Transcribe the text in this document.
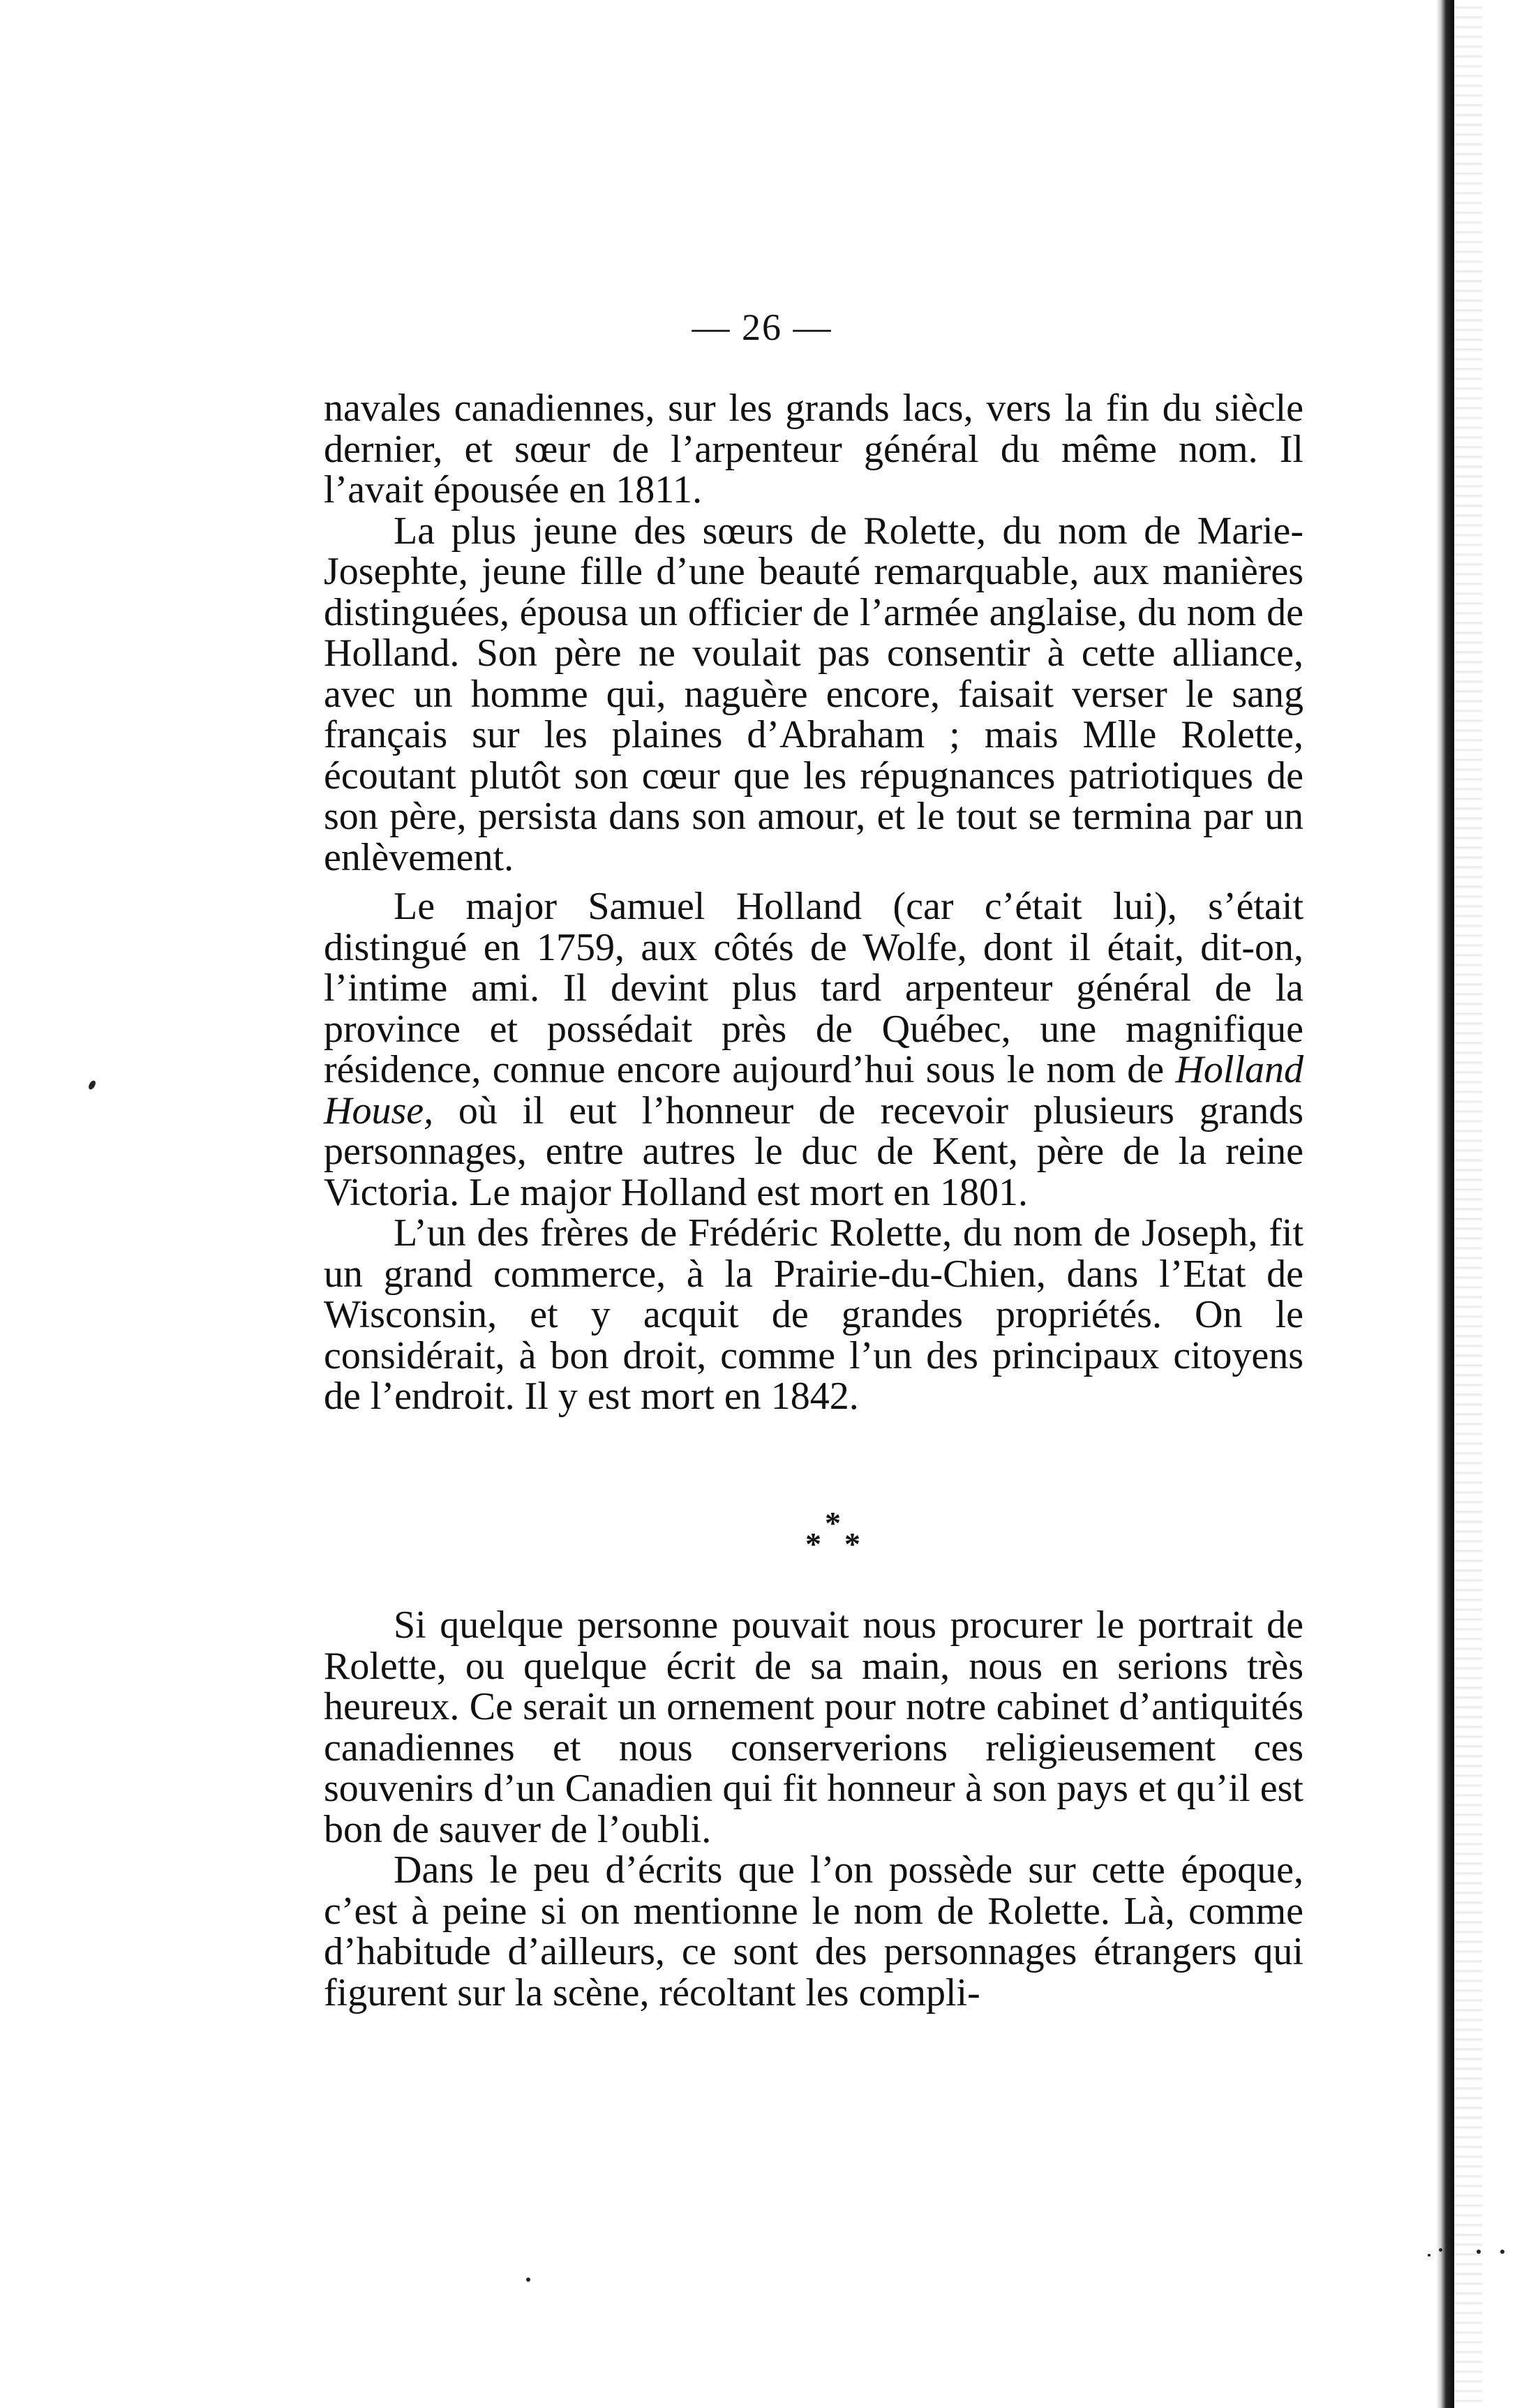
— 26 —

navales canadiennes, sur les grands lacs, vers la fin du siècle dernier, et sœur de l’arpenteur général du même nom. Il l’avait épousée en 1811.

La plus jeune des sœurs de Rolette, du nom de Marie-Josephte, jeune fille d’une beauté remarquable, aux manières distinguées, épousa un officier de l’armée anglaise, du nom de Holland. Son père ne voulait pas consentir à cette alliance, avec un homme qui, naguère encore, faisait verser le sang français sur les plaines d’Abraham ; mais Mlle Rolette, écoutant plutôt son cœur que les répugnances patriotiques de son père, persista dans son amour, et le tout se termina par un enlèvement.

Le major Samuel Holland (car c’était lui), s’était distingué en 1759, aux côtés de Wolfe, dont il était, dit-on, l’intime ami. Il devint plus tard arpenteur général de la province et possédait près de Québec, une magnifique résidence, connue encore aujourd’hui sous le nom de Holland House, où il eut l’honneur de recevoir plusieurs grands personnages, entre autres le duc de Kent, père de la reine Victoria. Le major Holland est mort en 1801.

L’un des frères de Frédéric Rolette, du nom de Joseph, fit un grand commerce, à la Prairie-du-Chien, dans l’Etat de Wisconsin, et y acquit de grandes propriétés. On le considérait, à bon droit, comme l’un des principaux citoyens de l’endroit. Il y est mort en 1842.

*
* *

Si quelque personne pouvait nous procurer le portrait de Rolette, ou quelque écrit de sa main, nous en serions très heureux. Ce serait un ornement pour notre cabinet d’antiquités canadiennes et nous conserverions religieusement ces souvenirs d’un Canadien qui fit honneur à son pays et qu’il est bon de sauver de l’oubli.

Dans le peu d’écrits que l’on possède sur cette époque, c’est à peine si on mentionne le nom de Rolette. Là, comme d’habitude d’ailleurs, ce sont des personnages étrangers qui figurent sur la scène, récoltant les compli-
